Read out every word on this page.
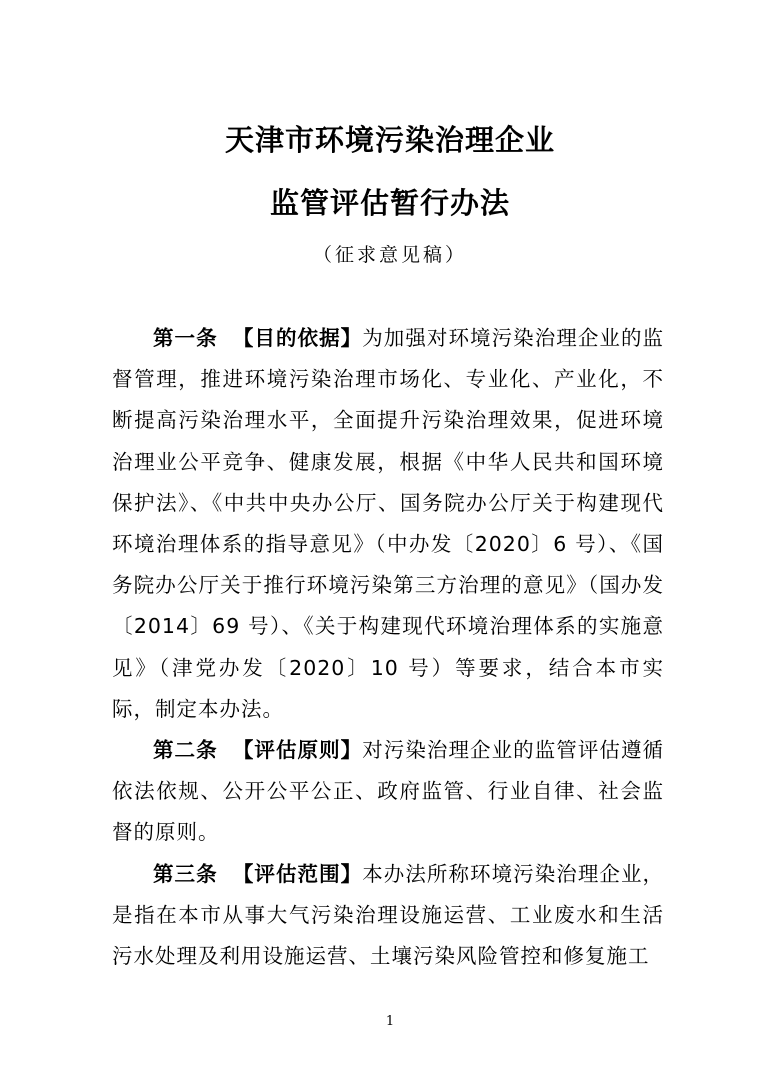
天津市环境污染治理企业
监管评估暂行办法
（征求意见稿）

第一条 【目的依据】为加强对环境污染治理企业的监督管理，推进环境污染治理市场化、专业化、产业化，不断提高污染治理水平，全面提升污染治理效果，促进环境治理业公平竞争、健康发展，根据《中华人民共和国环境保护法》、《中共中央办公厅、国务院办公厅关于构建现代环境治理体系的指导意见》（中办发〔2020〕6 号）、《国务院办公厅关于推行环境污染第三方治理的意见》（国办发〔2014〕69 号）、《关于构建现代环境治理体系的实施意见》（津党办发〔2020〕10 号）等要求，结合本市实际，制定本办法。

第二条 【评估原则】对污染治理企业的监管评估遵循依法依规、公开公平公正、政府监管、行业自律、社会监督的原则。

第三条 【评估范围】本办法所称环境污染治理企业，是指在本市从事大气污染治理设施运营、工业废水和生活污水处理及利用设施运营、土壤污染风险管控和修复施工

1
